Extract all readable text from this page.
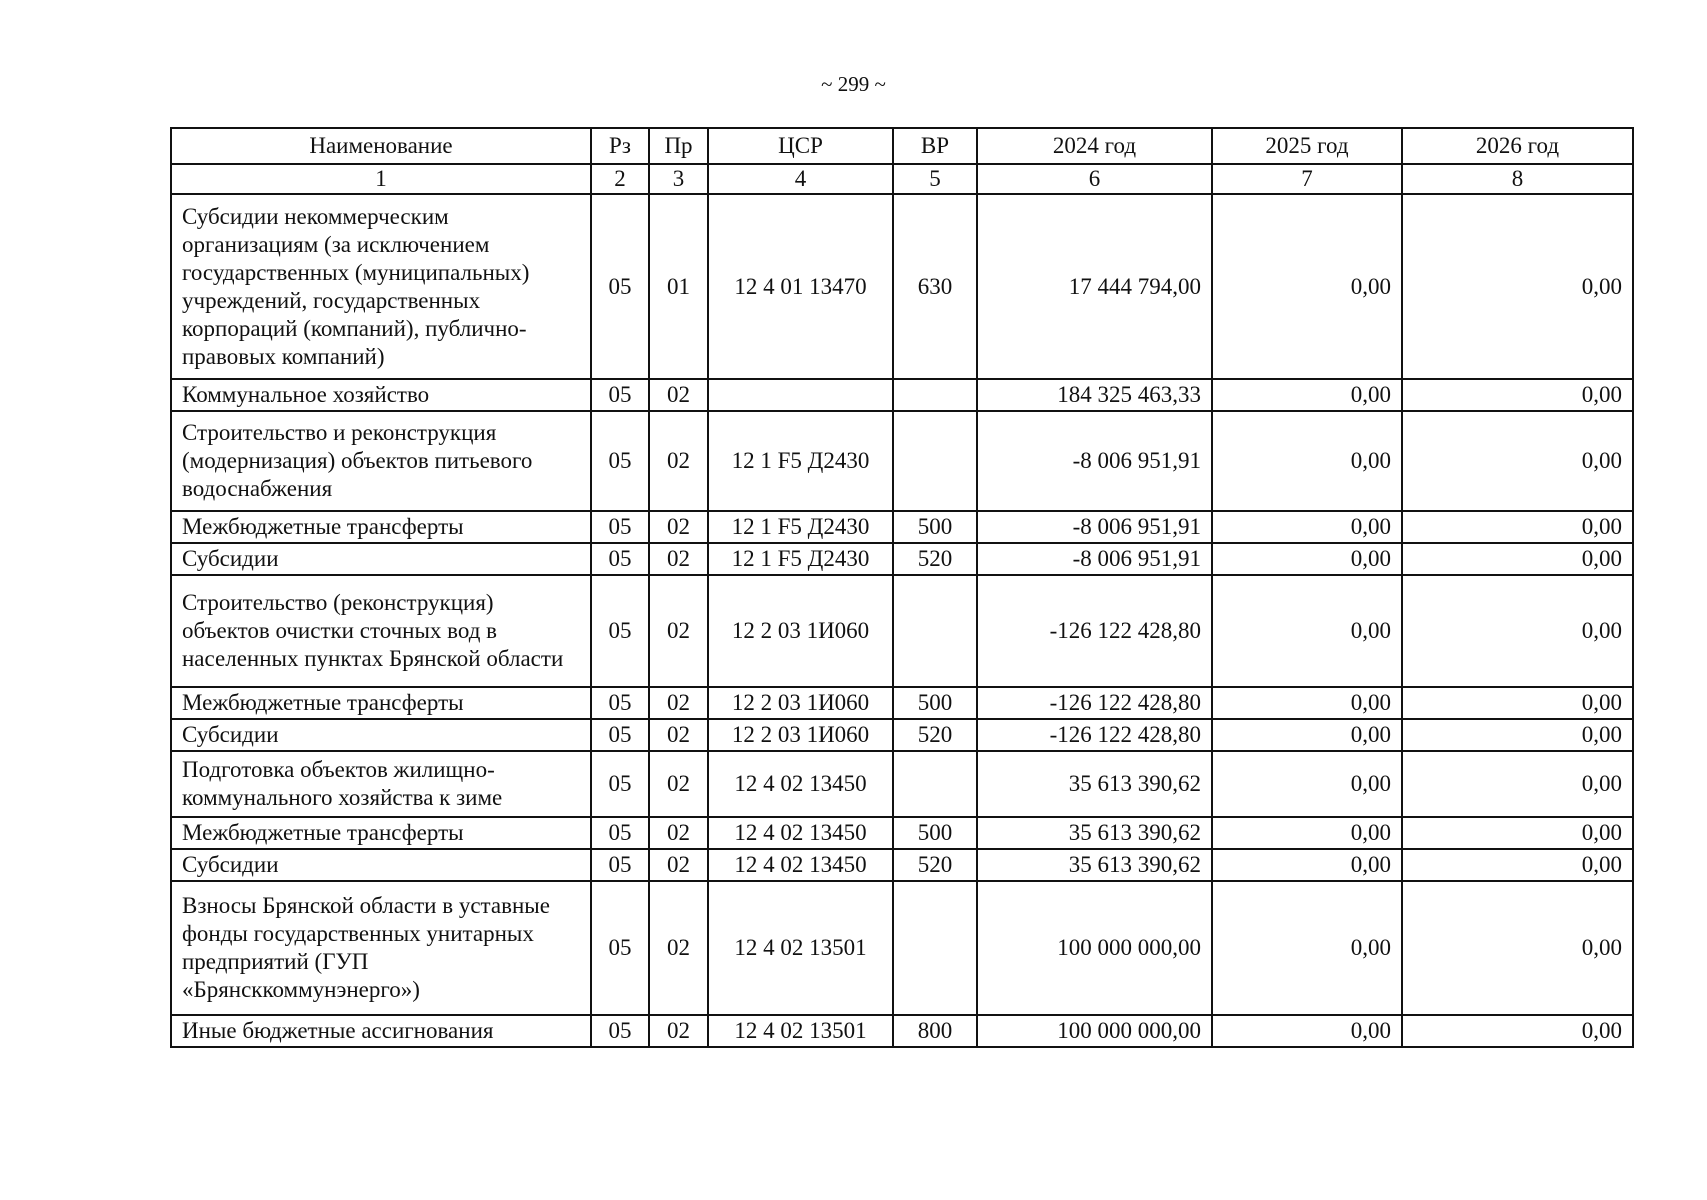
~ 299 ~
Наименование	Рз	Пр	ЦСР	ВР	2024 год	2025 год	2026 год
1	2	3	4	5	6	7	8
Субсидии некоммерческим организациям (за исключением государственных (муниципальных) учреждений, государственных корпораций (компаний), публично-правовых компаний)	05	01	12 4 01 13470	630	17 444 794,00	0,00	0,00
Коммунальное хозяйство	05	02			184 325 463,33	0,00	0,00
Строительство и реконструкция (модернизация) объектов питьевого водоснабжения	05	02	12 1 F5 Д2430		-8 006 951,91	0,00	0,00
Межбюджетные трансферты	05	02	12 1 F5 Д2430	500	-8 006 951,91	0,00	0,00
Субсидии	05	02	12 1 F5 Д2430	520	-8 006 951,91	0,00	0,00
Строительство (реконструкция) объектов очистки сточных вод в населенных пунктах Брянской области	05	02	12 2 03 1И060		-126 122 428,80	0,00	0,00
Межбюджетные трансферты	05	02	12 2 03 1И060	500	-126 122 428,80	0,00	0,00
Субсидии	05	02	12 2 03 1И060	520	-126 122 428,80	0,00	0,00
Подготовка объектов жилищно-коммунального хозяйства к зиме	05	02	12 4 02 13450		35 613 390,62	0,00	0,00
Межбюджетные трансферты	05	02	12 4 02 13450	500	35 613 390,62	0,00	0,00
Субсидии	05	02	12 4 02 13450	520	35 613 390,62	0,00	0,00
Взносы Брянской области в уставные фонды государственных унитарных предприятий (ГУП «Брянсккоммунэнерго»)	05	02	12 4 02 13501		100 000 000,00	0,00	0,00
Иные бюджетные ассигнования	05	02	12 4 02 13501	800	100 000 000,00	0,00	0,00
